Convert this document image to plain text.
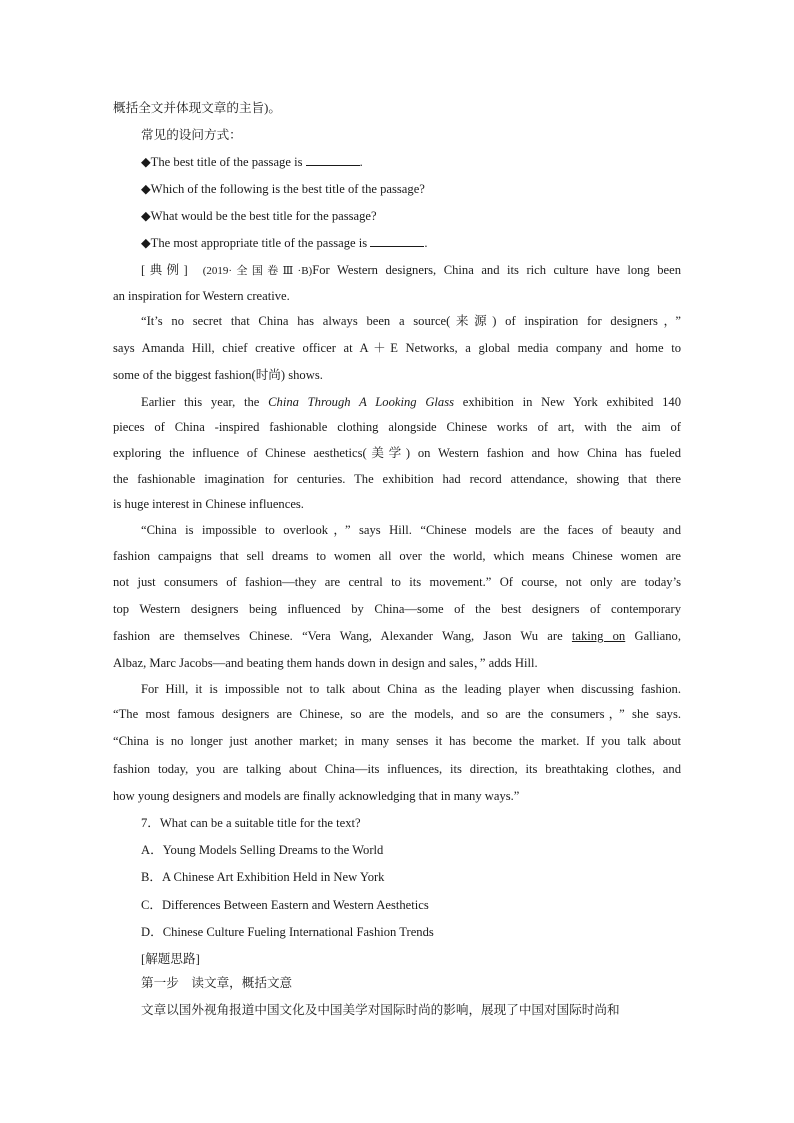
概括全文并体现文章的主旨)。
常见的设问方式：
◆The best title of the passage is	.
◆Which of the following is the best title of the passage?
◆What would be the best title for the passage?
◆The most appropriate title of the passage is	.
[典例] (2019·全国卷Ⅲ·B)For Western designers, China and its rich culture have long been
an inspiration for Western creative.
“It’s no secret that China has always been a source(来源) of inspiration for designers，”
says Amanda Hill, chief creative officer at A＋E Networks, a global media company and home to
some of the biggest fashion(时尚) shows.
Earlier this year, the China Through A Looking Glass exhibition in New York exhibited 140
pieces of China -inspired fashionable clothing alongside Chinese works of art, with the aim of
exploring the influence of Chinese aesthetics(美学) on Western fashion and how China has fueled
the fashionable imagination for centuries. The exhibition had record attendance, showing that there
is huge interest in Chinese influences.
“China is impossible to overlook，” says Hill. “Chinese models are the faces of beauty and
fashion campaigns that sell dreams to women all over the world, which means Chinese women are
not just consumers of fashion—they are central to its movement.” Of course, not only are today’s
top Western designers being influenced by China—some of the best designers of contemporary
fashion are themselves Chinese. “Vera Wang, Alexander Wang, Jason Wu are taking on Galliano,
Albaz, Marc Jacobs—and beating them hands down in design and sales，” adds Hill.
For Hill, it is impossible not to talk about China as the leading player when discussing fashion.
“The most famous designers are Chinese, so are the models, and so are the consumers，” she says.
“China is no longer just another market; in many senses it has become the market. If you talk about
fashion today, you are talking about China—its influences, its direction, its breathtaking clothes, and
how young designers and models are finally acknowledging that in many ways.”
7．What can be a suitable title for the text?
A．Young Models Selling Dreams to the World
B．A Chinese Art Exhibition Held in New York
C．Differences Between Eastern and Western Aesthetics
D．Chinese Culture Fueling International Fashion Trends
[解题思路]
第一步　读文章，概括文意
文章以国外视角报道中国文化及中国美学对国际时尚的影响，展现了中国对国际时尚和
